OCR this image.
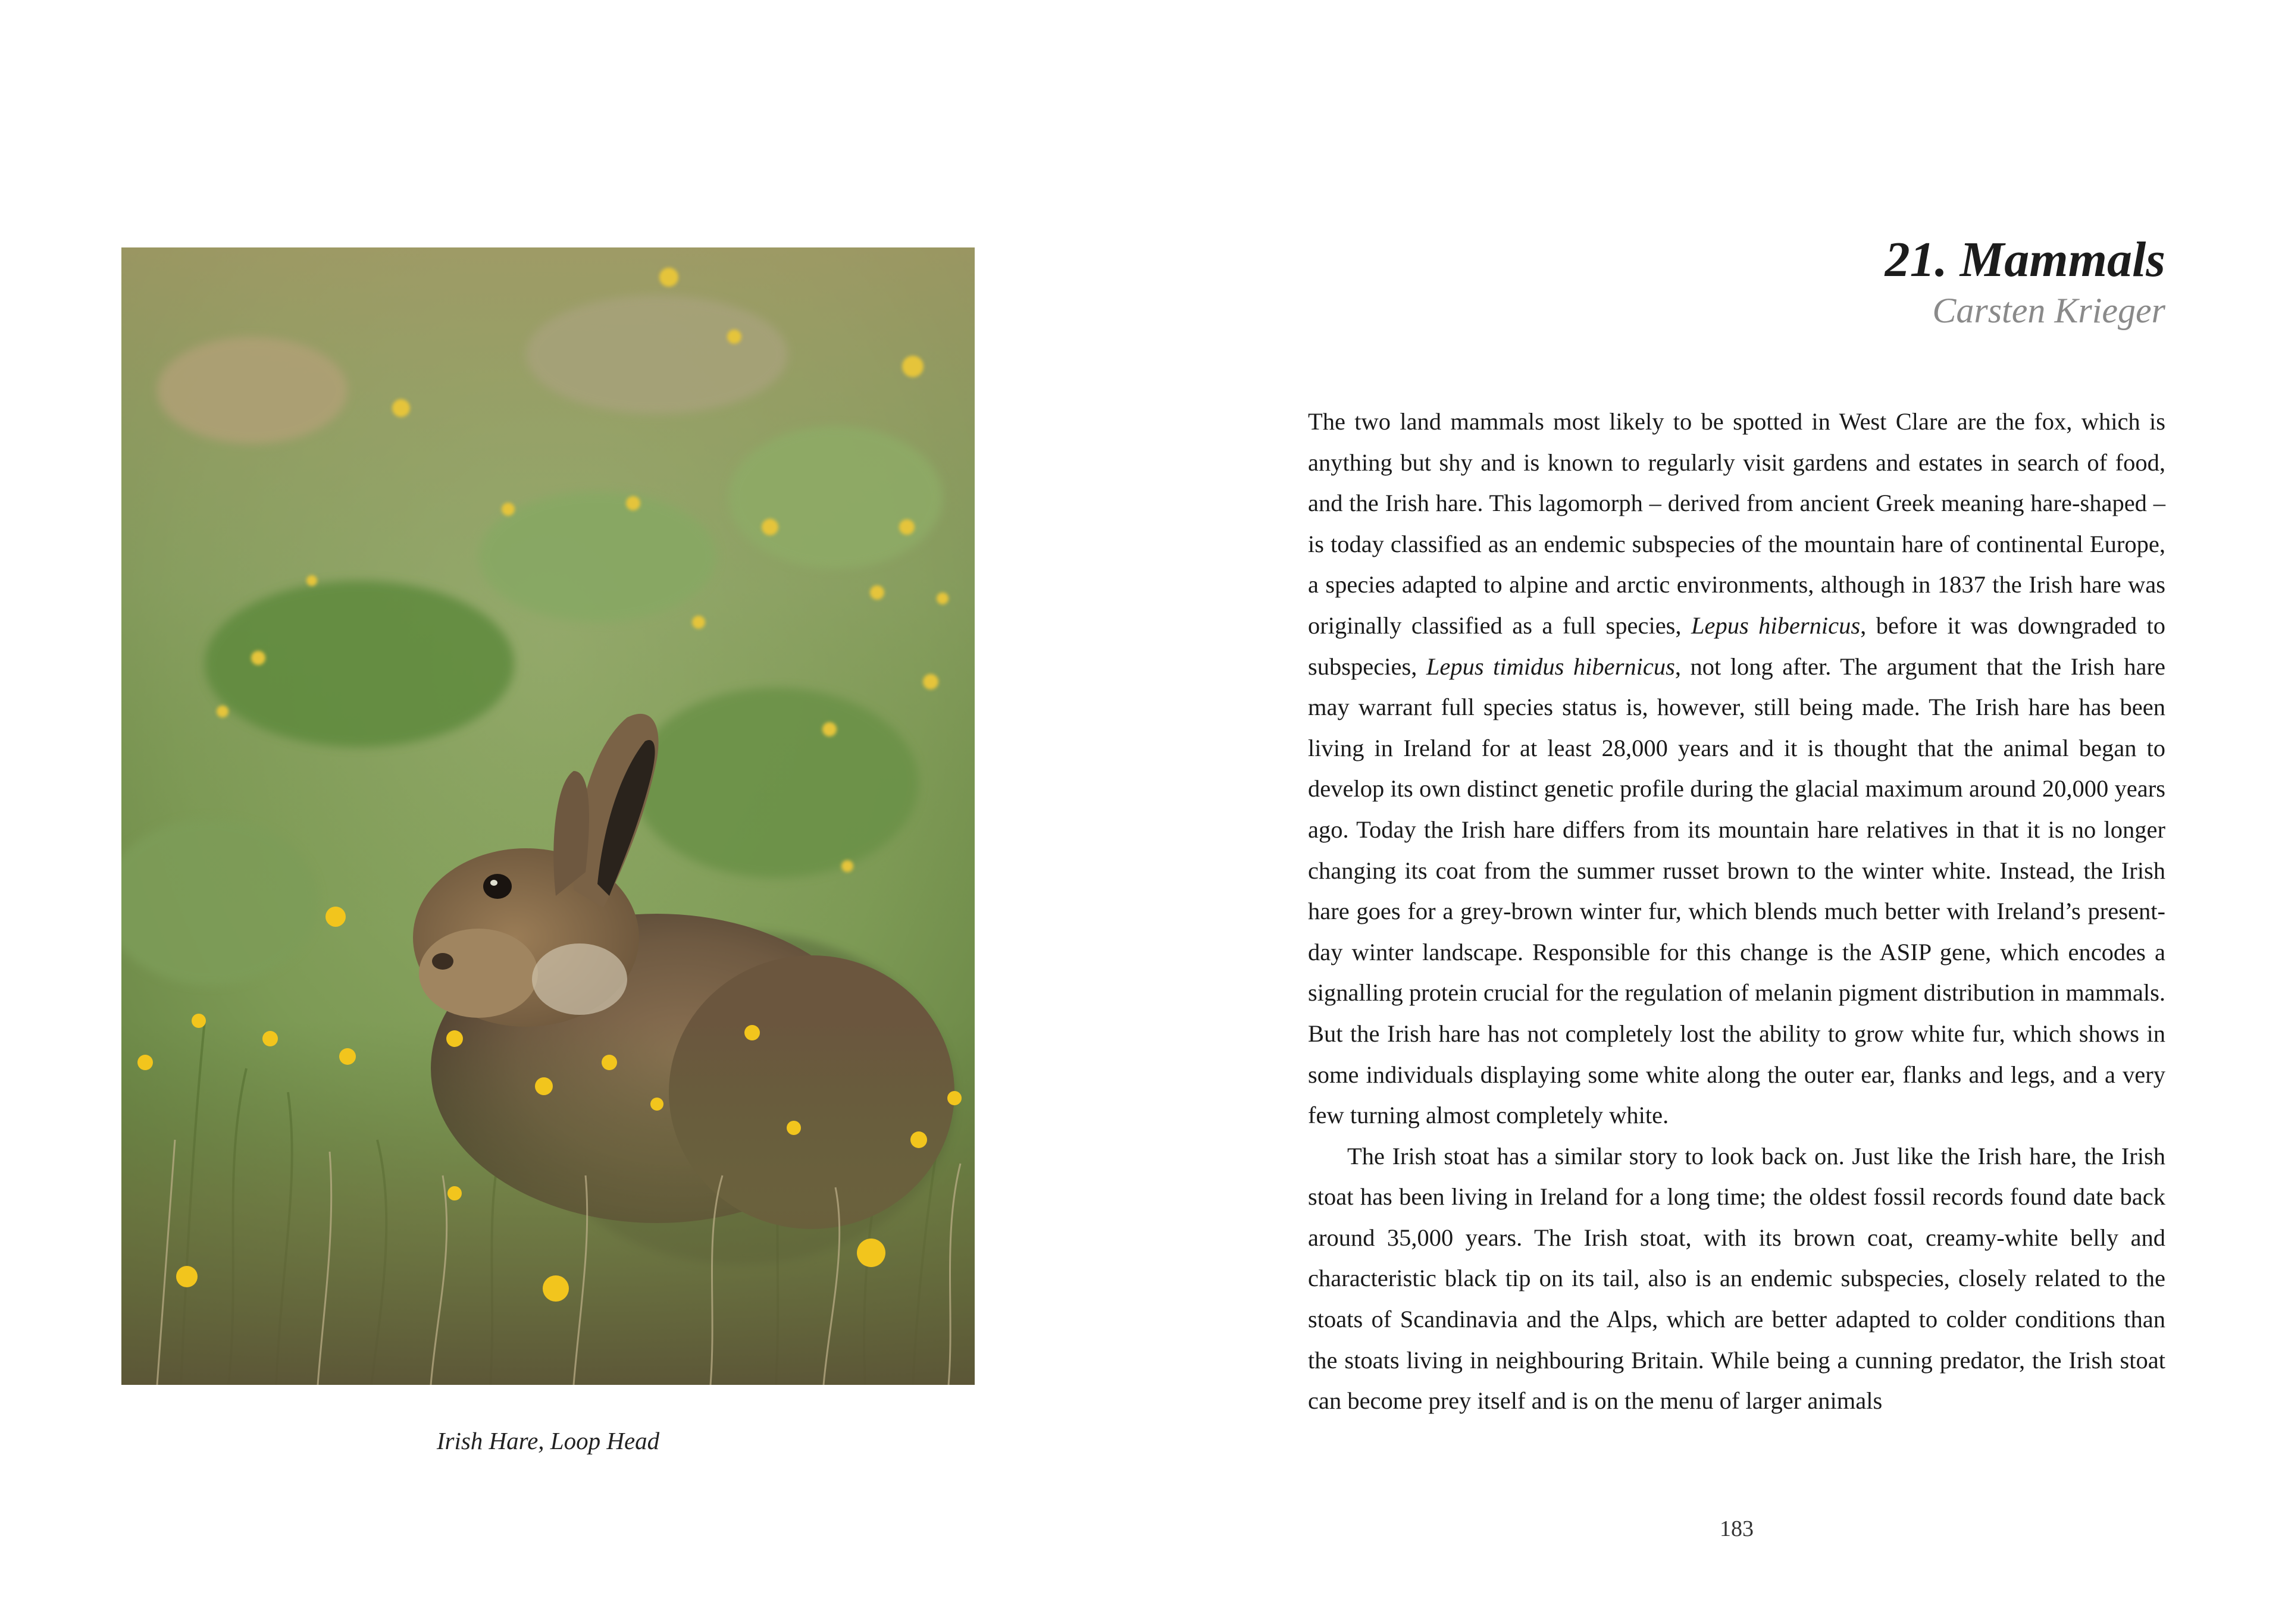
Irish Hare, Loop Head
21. Mammals
Carsten Krieger

The two land mammals most likely to be spotted in West Clare are the fox, which is anything but shy and is known to regularly visit gardens and estates in search of food, and the Irish hare. This lagomorph – derived from ancient Greek meaning hare-shaped – is today classified as an endemic subspecies of the mountain hare of continental Europe, a species adapted to alpine and arctic environments, although in 1837 the Irish hare was originally classified as a full species, Lepus hibernicus, before it was downgraded to subspecies, Lepus timidus hibernicus, not long after. The argument that the Irish hare may warrant full species status is, however, still being made. The Irish hare has been living in Ireland for at least 28,000 years and it is thought that the animal began to develop its own distinct genetic profile during the glacial maximum around 20,000 years ago. Today the Irish hare differs from its mountain hare relatives in that it is no longer changing its coat from the summer russet brown to the winter white. Instead, the Irish hare goes for a grey-brown winter fur, which blends much better with Ireland’s present-day winter landscape. Responsible for this change is the ASIP gene, which encodes a signalling protein crucial for the regulation of melanin pigment distribution in mammals. But the Irish hare has not completely lost the ability to grow white fur, which shows in some individuals displaying some white along the outer ear, flanks and legs, and a very few turning almost completely white.

The Irish stoat has a similar story to look back on. Just like the Irish hare, the Irish stoat has been living in Ireland for a long time; the oldest fossil records found date back around 35,000 years. The Irish stoat, with its brown coat, creamy-white belly and characteristic black tip on its tail, also is an endemic subspecies, closely related to the stoats of Scandinavia and the Alps, which are better adapted to colder conditions than the stoats living in neighbouring Britain. While being a cunning predator, the Irish stoat can become prey itself and is on the menu of larger animals

183
